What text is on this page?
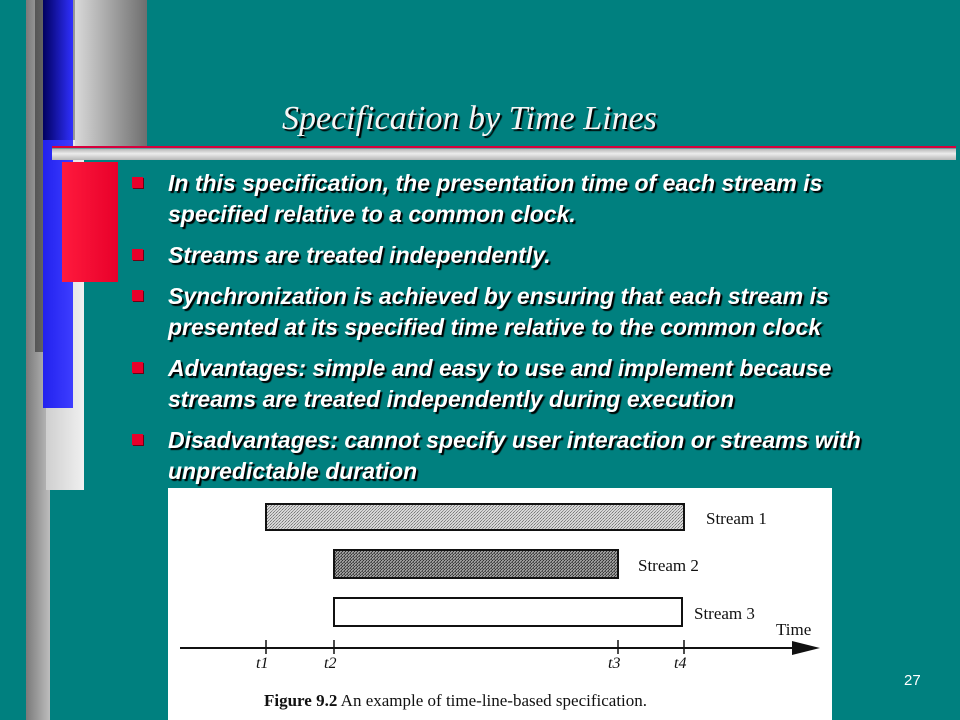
Specification by Time Lines
In this specification, the presentation time of each stream is specified relative to a common clock.
Streams are treated independently.
Synchronization is achieved by ensuring that each stream is presented at its specified time relative to the common clock
Advantages: simple and easy to use and implement because streams are treated independently during execution
Disadvantages: cannot specify user interaction or streams with unpredictable duration
Stream 1
Stream 2
Stream 3
Time
t1	t2	t3	t4
Figure 9.2 An example of time-line-based specification.
27
